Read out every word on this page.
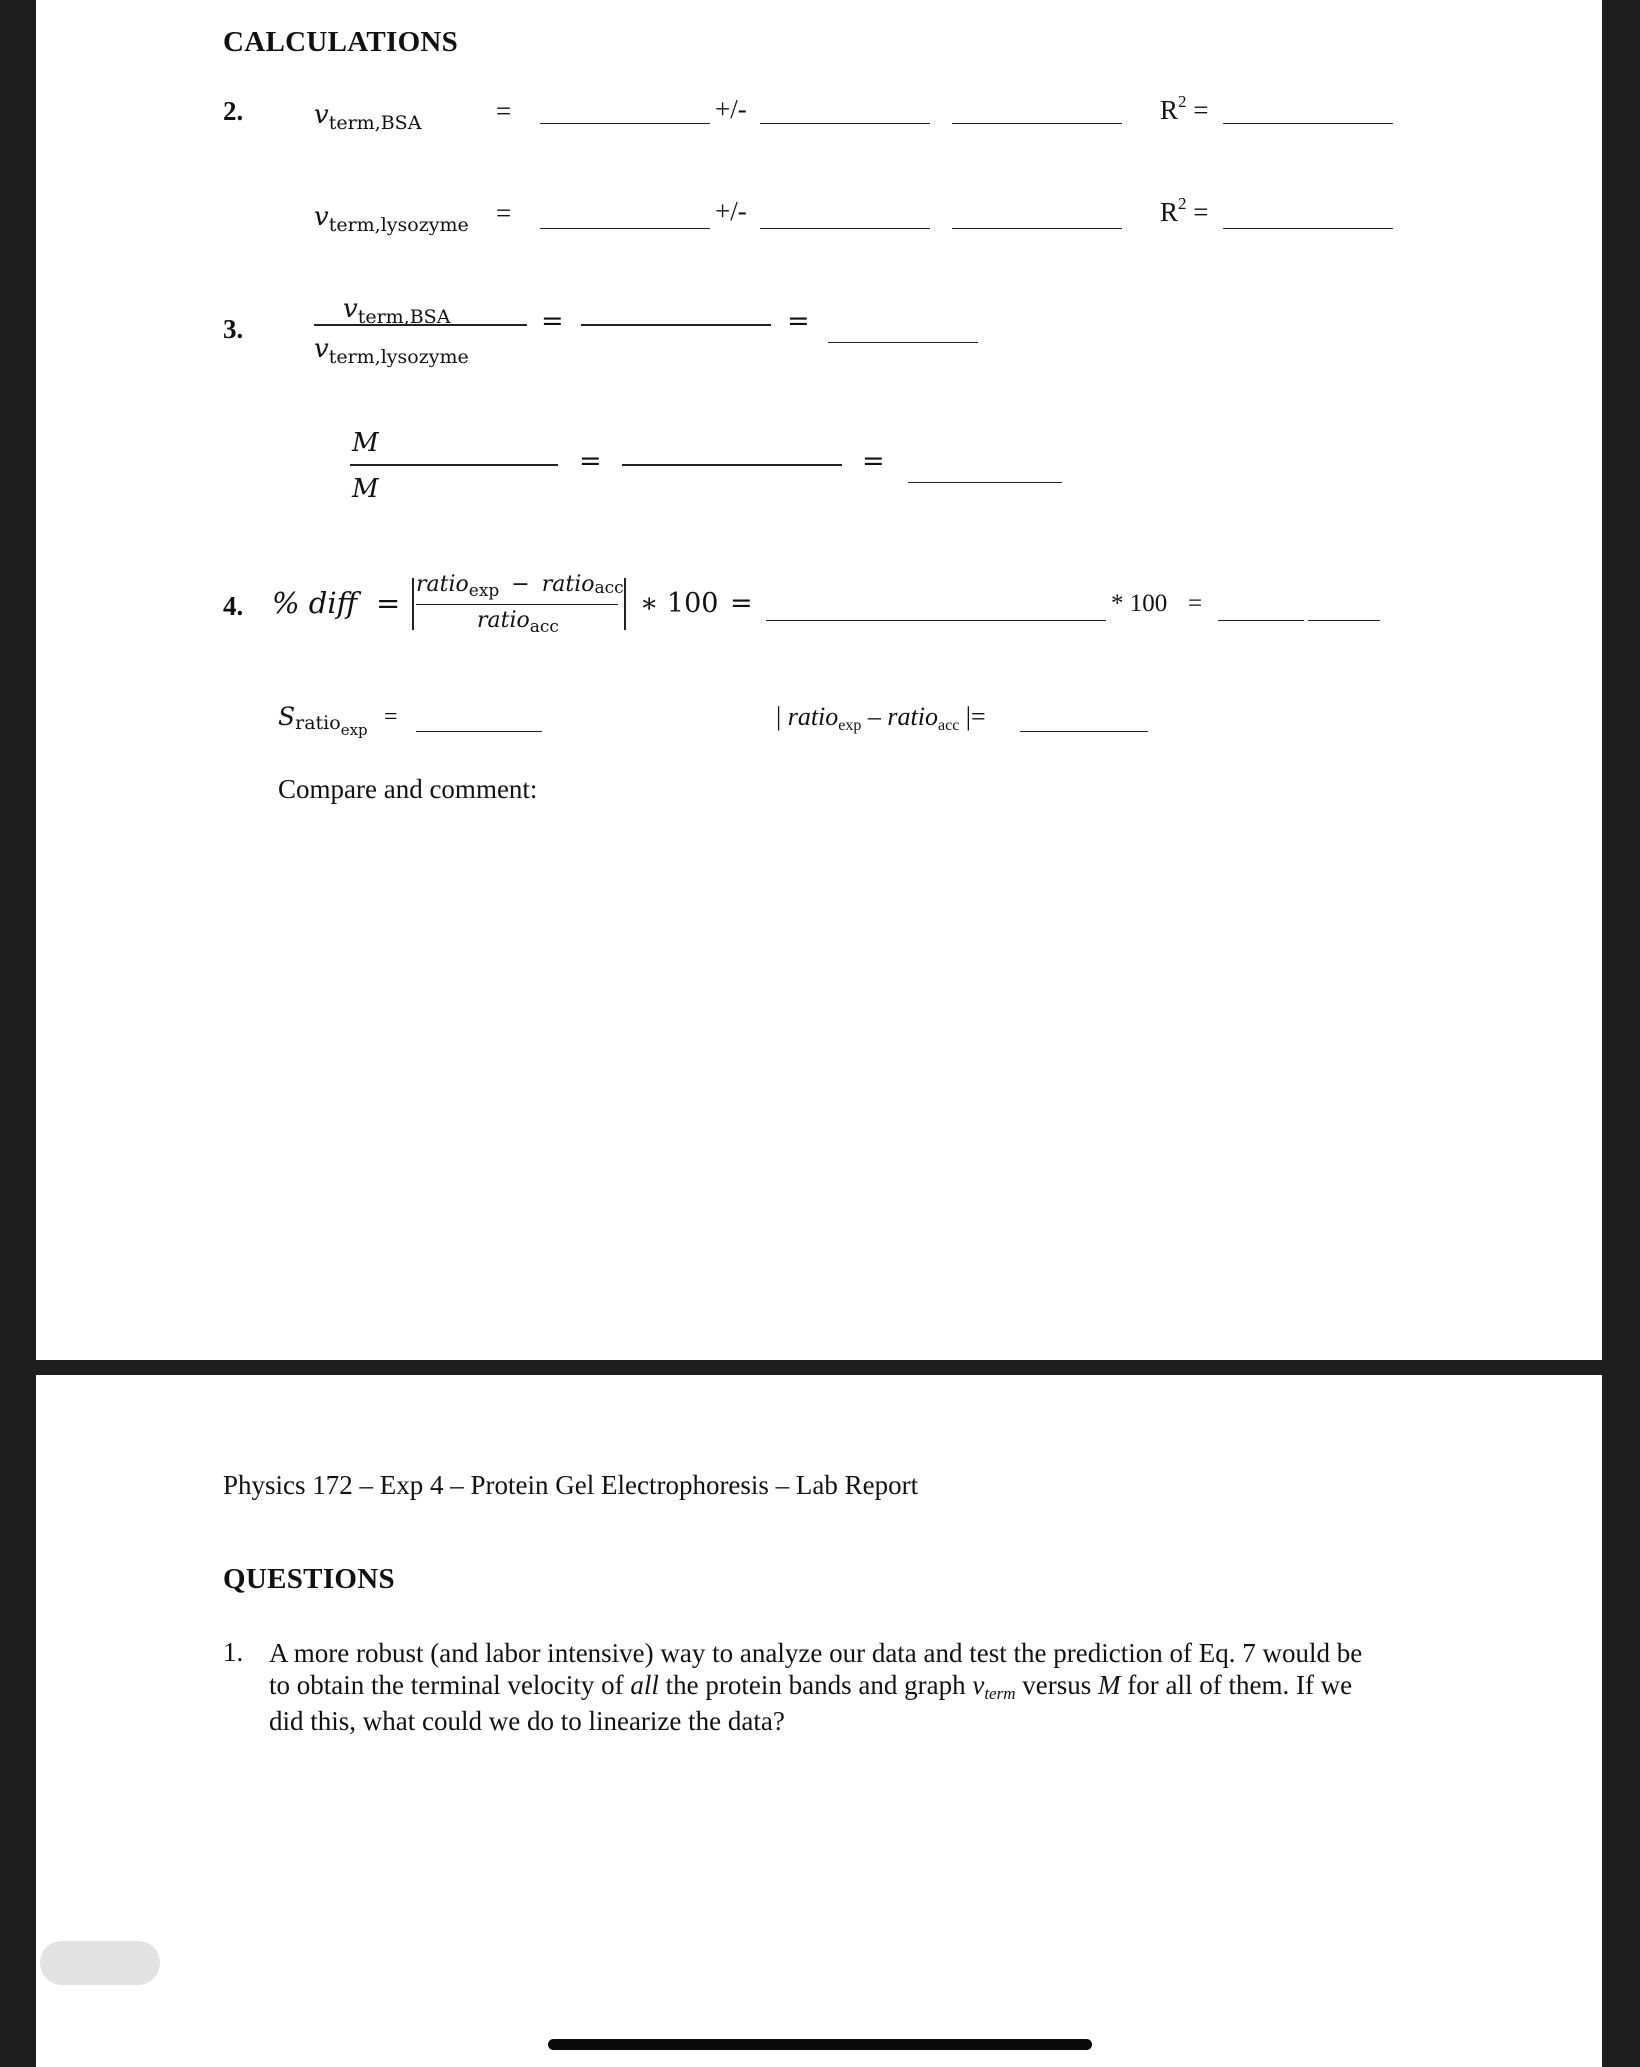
CALCULATIONS
2.	vterm,BSA	=	+/-	$R^2$ =
vterm,lysozyme =	+/-	$R^2$ =
3.
vterm,BSA
vterm,lysozyme
=	=
M
M
=	=
4. % diff =
ratioexp − ratioacc
ratioacc
∗ 100 =	* 100 =
Sratioexp =	| ratioexp – ratioacc |=
Compare and comment:
Physics 172 – Exp 4 – Protein Gel Electrophoresis – Lab Report
QUESTIONS
1. A more robust (and labor intensive) way to analyze our data and test the prediction of Eq. 7 would be
to obtain the terminal velocity of all the protein bands and graph vterm versus M for all of them. If we
did this, what could we do to linearize the data?
